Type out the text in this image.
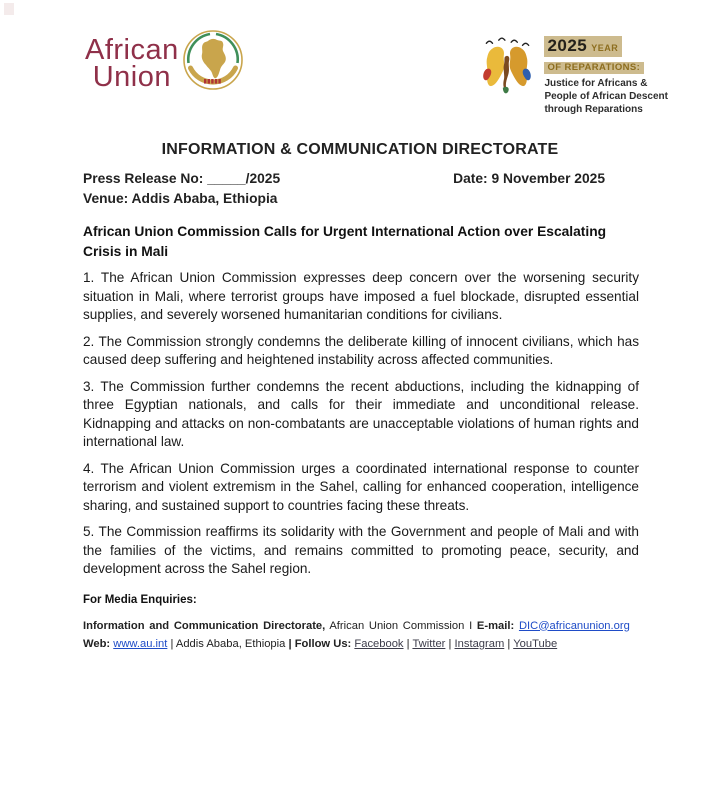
African
Union
2025 YEAR
OF REPARATIONS:
Justice for Africans &
People of African Descent
through Reparations
INFORMATION & COMMUNICATION DIRECTORATE
Press Release No: _____/2025	Date: 9 November 2025
Venue: Addis Ababa, Ethiopia
African Union Commission Calls for Urgent International Action over Escalating Crisis in Mali

1. The African Union Commission expresses deep concern over the worsening security situation in Mali, where terrorist groups have imposed a fuel blockade, disrupted essential supplies, and severely worsened humanitarian conditions for civilians.

2. The Commission strongly condemns the deliberate killing of innocent civilians, which has caused deep suffering and heightened instability across affected communities.

3. The Commission further condemns the recent abductions, including the kidnapping of three Egyptian nationals, and calls for their immediate and unconditional release. Kidnapping and attacks on non-combatants are unacceptable violations of human rights and international law.

4. The African Union Commission urges a coordinated international response to counter terrorism and violent extremism in the Sahel, calling for enhanced cooperation, intelligence sharing, and sustained support to countries facing these threats.

5. The Commission reaffirms its solidarity with the Government and people of Mali and with the families of the victims, and remains committed to promoting peace, security, and development across the Sahel region.

For Media Enquiries:
Information and Communication Directorate, African Union Commission I E-mail: DIC@africanunion.org
Web: www.au.int | Addis Ababa, Ethiopia | Follow Us: Facebook | Twitter | Instagram | YouTube
